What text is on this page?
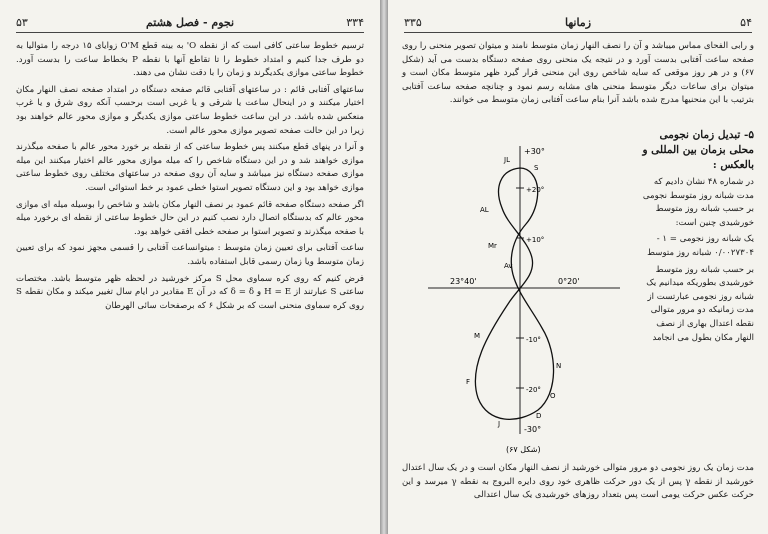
۵۳	نجوم - فصل هشتم	۳۳۴

ترسیم خطوط ساعتی کافی است که از نقطه O' به بینه قطع O'M زوایای ۱۵ درجه را متوالیا به دو طرف جدا کنیم و امتداد خطوط را تا تقاطع آنها با نقطه P بخطاط ساعت را بدست آورد. خطوط ساعتی موازی یکدیگرند و زمان را با دقت نشان می دهند.

ساعتهای آفتابی قائم : در ساعتهای آفتابی قائم صفحه دستگاه در امتداد صفحه نصف النهار مکان اختیار میکنند و در اینحال ساعت یا شرقی و یا غربی است برحسب آنکه روی شرق و یا غرب منعکس شده باشد. در این ساعت خطوط ساعتی موازی یکدیگر و موازی محور عالم خواهند بود زیرا در این حالت صفحه تصویر موازی محور عالم است.

و آنرا در پنهای قطع میکنند پس خطوط ساعتی که از نقطه بر خورد محور عالم با صفحه میگذرند موازی خواهند شد و در این دستگاه شاخص را که میله موازی محور عالم اختیار میکنند این میله موازی صفحه دستگاه نیز میباشد و سایه آن روی صفحه در ساعتهای مختلف روی خطوط ساعتی موازی خواهد بود و این دستگاه تصویر استوا خطی عمود بر خط استوائی است.

اگر صفحه دستگاه صفحه قائم عمود بر نصف النهار مکان باشد و شاخص را بوسیله میله ای موازی محور عالم که بدستگاه اتصال دارد نصب کنیم در این حال خطوط ساعتی از نقطه ای برخورد میله با صفحه میگذرند و تصویر استوا بر صفحه خطی افقی خواهد بود.

ساعت آفتابی برای تعیین زمان متوسط : میتوانساعت آفتابی را قسمی مجهز نمود که برای تعیین زمان متوسط ویا زمان رسمی قابل استفاده باشد.

فرض کنیم که روی کره سماوی محل S مرکز خورشید در لحظه ظهر متوسط باشد. مختصات ساعتی S عبارتند از H = E و δ = δ که در آن E مقادیر در ایام سال تغییر میکند و مکان نقطه S روی کره سماوی منحنی است که بر شکل ۶ که برصفحات سائی الهرطان

۳۳۵	زمانها	۵۴

و رابی الفحای مماس میباشد و آن را نصف النهار زمان متوسط نامند و میتوان تصویر منحنی را روی صفحه ساعت آفتابی بدست آورد و در نتیجه یک منحنی روی صفحه دستگاه بدست می آید (شکل ۶۷) و در هر روز موقعی که سایه شاخص روی این منحنی قرار گیرد ظهر متوسط مکان است و میتوان برای ساعات دیگر متوسط منحنی های مشابه رسم نمود و چنانچه صفحه ساعت آفتابی بترتیب با این منحنیها مدرج شده باشد آنرا بنام ساعت آفتابی زمان متوسط می خوانند.

+30°
-30°
23°40'	0°20'
+20°
+10°
-10°
-20°
JL
AL
Mr
Av
M
F
J
D
O
N
S
(شکل ۶۷)

۵- تبدیل زمان نجومی محلی بزمان بین المللی و بالعکس :

در شماره ۴۸ نشان دادیم که مدت شبانه روز متوسط نجومی بر حسب شبانه روز متوسط خورشیدی چنین است:

یک شبانه روز نجومی = ۱ - ۰/۰۰۲۷۳۰۴ شبانه روز متوسط

بر حسب شبانه روز متوسط خورشیدی بطوریکه میدانیم یک شبانه روز نجومی عبارتست از مدت زمانیکه دو مرور متوالی نقطه اعتدال بهاری از نصف النهار مکان بطول می انجامد

مدت زمان یک روز نجومی دو مرور متوالی خورشید از نصف النهار مکان است و در یک سال اعتدال خورشید از نقطه γ پس از یک دور حرکت ظاهری خود روی دایره البروج به نقطه γ میرسد و این حرکت عکس حرکت یومی است پس بتعداد روزهای خورشیدی یک سال اعتدالی
